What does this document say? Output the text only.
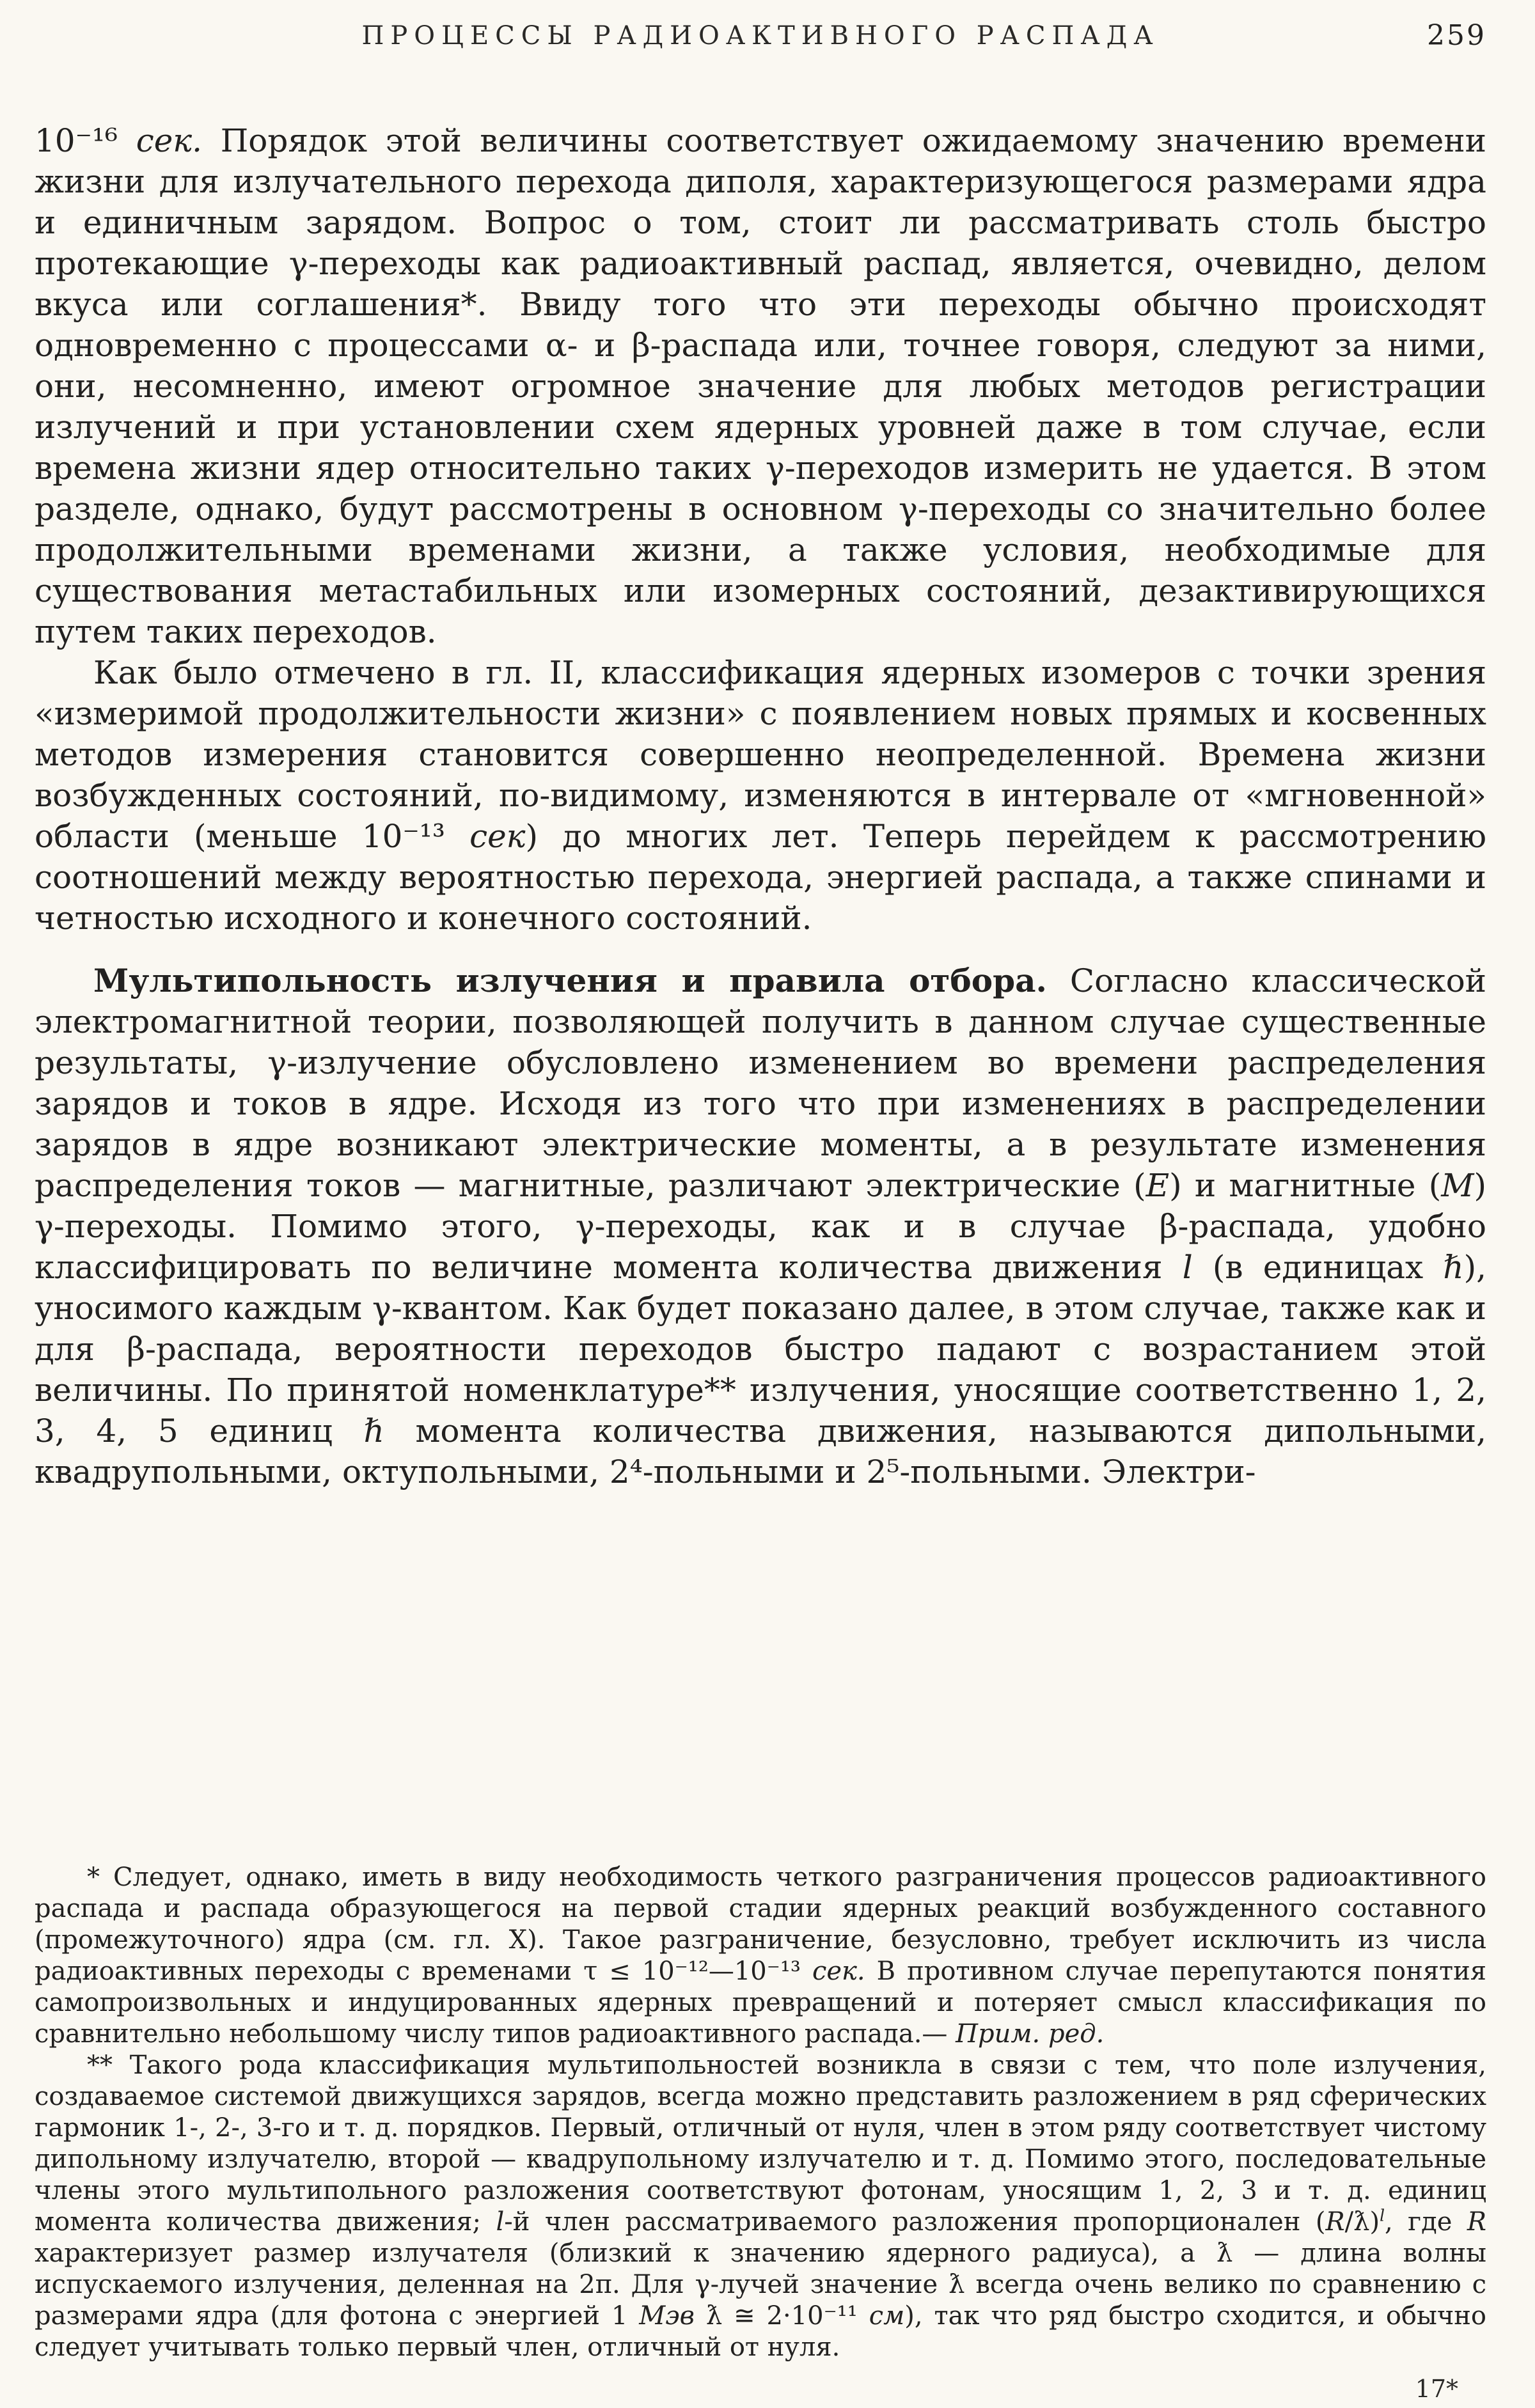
ПРОЦЕССЫ РАДИОАКТИВНОГО РАСПАДА	259

10⁻¹⁶ сек. Порядок этой величины соответствует ожидаемому значению времени жизни для излучательного перехода диполя, характеризующегося размерами ядра и единичным зарядом. Вопрос о том, стоит ли рассматривать столь быстро протекающие γ-переходы как радиоактивный распад, является, очевидно, делом вкуса или соглашения*. Ввиду того что эти переходы обычно происходят одновременно с процессами α- и β-распада или, точнее говоря, следуют за ними, они, несомненно, имеют огромное значение для любых методов регистрации излучений и при установлении схем ядерных уровней даже в том случае, если времена жизни ядер относительно таких γ-переходов измерить не удается. В этом разделе, однако, будут рассмотрены в основном γ-переходы со значительно более продолжительными временами жизни, а также условия, необходимые для существования метастабильных или изомерных состояний, дезактивирующихся путем таких переходов.

Как было отмечено в гл. II, классификация ядерных изомеров с точки зрения «измеримой продолжительности жизни» с появлением новых прямых и косвенных методов измерения становится совершенно неопределенной. Времена жизни возбужденных состояний, по-видимому, изменяются в интервале от «мгновенной» области (меньше 10⁻¹³ сек) до многих лет. Теперь перейдем к рассмотрению соотношений между вероятностью перехода, энергией распада, а также спинами и четностью исходного и конечного состояний.

Мультипольность излучения и правила отбора. Согласно классической электромагнитной теории, позволяющей получить в данном случае существенные результаты, γ-излучение обусловлено изменением во времени распределения зарядов и токов в ядре. Исходя из того что при изменениях в распределении зарядов в ядре возникают электрические моменты, а в результате изменения распределения токов — магнитные, различают электрические (E) и магнитные (M) γ-переходы. Помимо этого, γ-переходы, как и в случае β-распада, удобно классифицировать по величине момента количества движения l (в единицах ℏ), уносимого каждым γ-квантом. Как будет показано далее, в этом случае, также как и для β-распада, вероятности переходов быстро падают с возрастанием этой величины. По принятой номенклатуре** излучения, уносящие соответственно 1, 2, 3, 4, 5 единиц ℏ момента количества движения, называются дипольными, квадрупольными, октупольными, 2⁴-польными и 2⁵-польными. Электри-

* Следует, однако, иметь в виду необходимость четкого разграничения процессов радиоактивного распада и распада образующегося на первой стадии ядерных реакций возбужденного составного (промежуточного) ядра (см. гл. X). Такое разграничение, безусловно, требует исключить из числа радиоактивных переходы с временами τ ≤ 10⁻¹²—10⁻¹³ сек. В противном случае перепутаются понятия самопроизвольных и индуцированных ядерных превращений и потеряет смысл классификация по сравнительно небольшому числу типов радиоактивного распада.— Прим. ред.

** Такого рода классификация мультипольностей возникла в связи с тем, что поле излучения, создаваемое системой движущихся зарядов, всегда можно представить разложением в ряд сферических гармоник 1-, 2-, 3-го и т. д. порядков. Первый, отличный от нуля, член в этом ряду соответствует чистому дипольному излучателю, второй — квадрупольному излучателю и т. д. Помимо этого, последовательные члены этого мультипольного разложения соответствуют фотонам, уносящим 1, 2, 3 и т. д. единиц момента количества движения; l-й член рассматриваемого разложения пропорционален (R/ƛ)$^l$, где R характеризует размер излучателя (близкий к значению ядерного радиуса), а ƛ — длина волны испускаемого излучения, деленная на 2π. Для γ-лучей значение ƛ всегда очень велико по сравнению с размерами ядра (для фотона с энергией 1 Мэв ƛ ≅ 2·10⁻¹¹ см), так что ряд быстро сходится, и обычно следует учитывать только первый член, отличный от нуля.

17*
